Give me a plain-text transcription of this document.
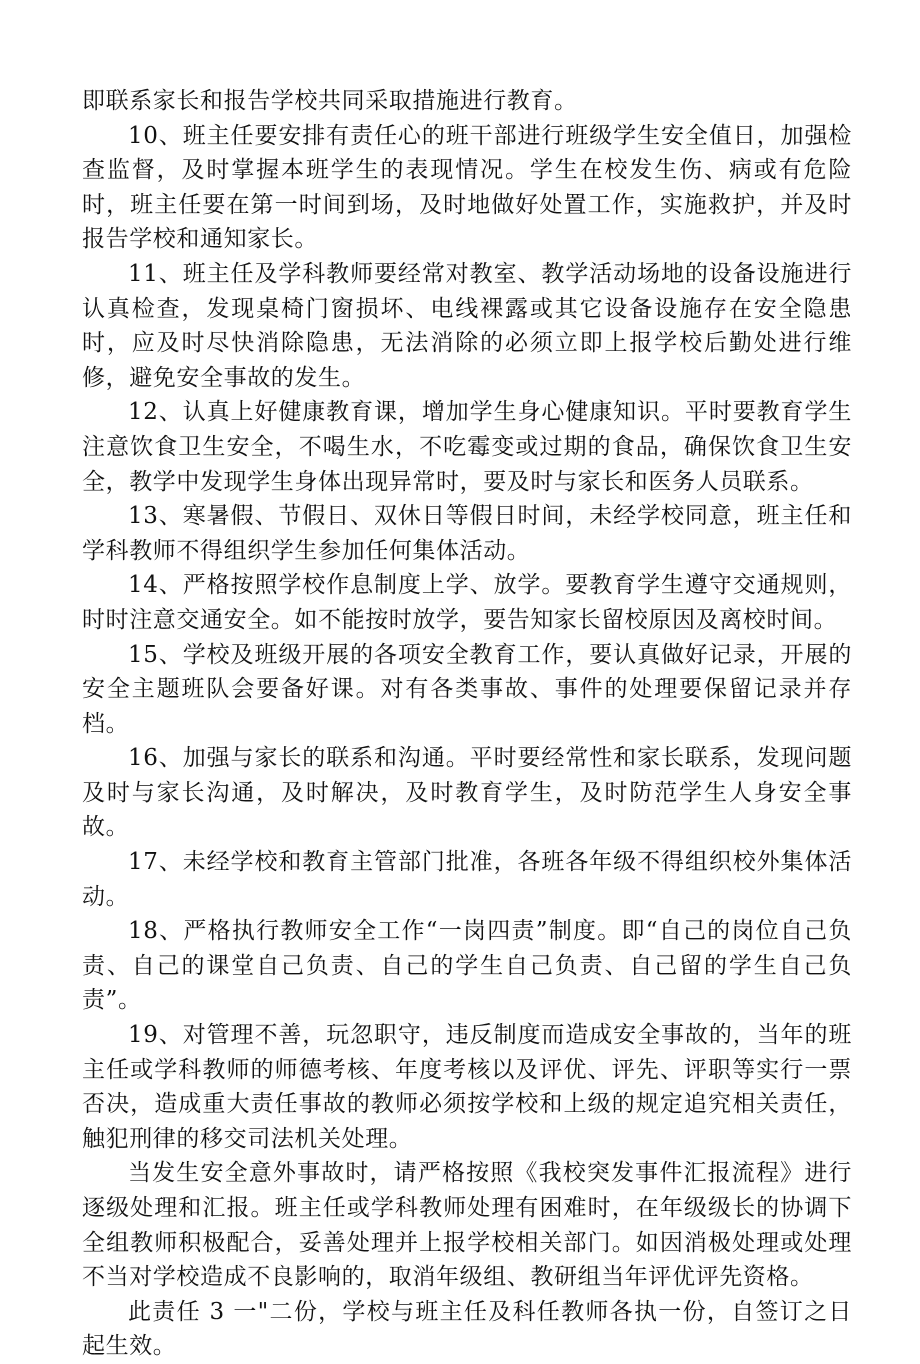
即联系家长和报告学校共同采取措施进行教育。

10、班主任要安排有责任心的班干部进行班级学生安全值日，加强检查监督，及时掌握本班学生的表现情况。学生在校发生伤、病或有危险时，班主任要在第一时间到场，及时地做好处置工作，实施救护，并及时报告学校和通知家长。

11、班主任及学科教师要经常对教室、教学活动场地的设备设施进行认真检查，发现桌椅门窗损坏、电线裸露或其它设备设施存在安全隐患时，应及时尽快消除隐患，无法消除的必须立即上报学校后勤处进行维修，避免安全事故的发生。

12、认真上好健康教育课，增加学生身心健康知识。平时要教育学生注意饮食卫生安全，不喝生水，不吃霉变或过期的食品，确保饮食卫生安全，教学中发现学生身体出现异常时，要及时与家长和医务人员联系。

13、寒暑假、节假日、双休日等假日时间，未经学校同意，班主任和学科教师不得组织学生参加任何集体活动。

14、严格按照学校作息制度上学、放学。要教育学生遵守交通规则，时时注意交通安全。如不能按时放学，要告知家长留校原因及离校时间。

15、学校及班级开展的各项安全教育工作，要认真做好记录，开展的安全主题班队会要备好课。对有各类事故、事件的处理要保留记录并存档。

16、加强与家长的联系和沟通。平时要经常性和家长联系，发现问题及时与家长沟通，及时解决，及时教育学生，及时防范学生人身安全事故。

17、未经学校和教育主管部门批准，各班各年级不得组织校外集体活动。

18、严格执行教师安全工作“一岗四责”制度。即“自己的岗位自己负责、自己的课堂自己负责、自己的学生自己负责、自己留的学生自己负责”。

19、对管理不善，玩忽职守，违反制度而造成安全事故的，当年的班主任或学科教师的师德考核、年度考核以及评优、评先、评职等实行一票否决，造成重大责任事故的教师必须按学校和上级的规定追究相关责任，触犯刑律的移交司法机关处理。

当发生安全意外事故时，请严格按照《我校突发事件汇报流程》进行逐级处理和汇报。班主任或学科教师处理有困难时，在年级级长的协调下全组教师积极配合，妥善处理并上报学校相关部门。如因消极处理或处理不当对学校造成不良影响的，取消年级组、教研组当年评优评先资格。

此责任 3 一"二份，学校与班主任及科任教师各执一份，自签订之日起生效。
